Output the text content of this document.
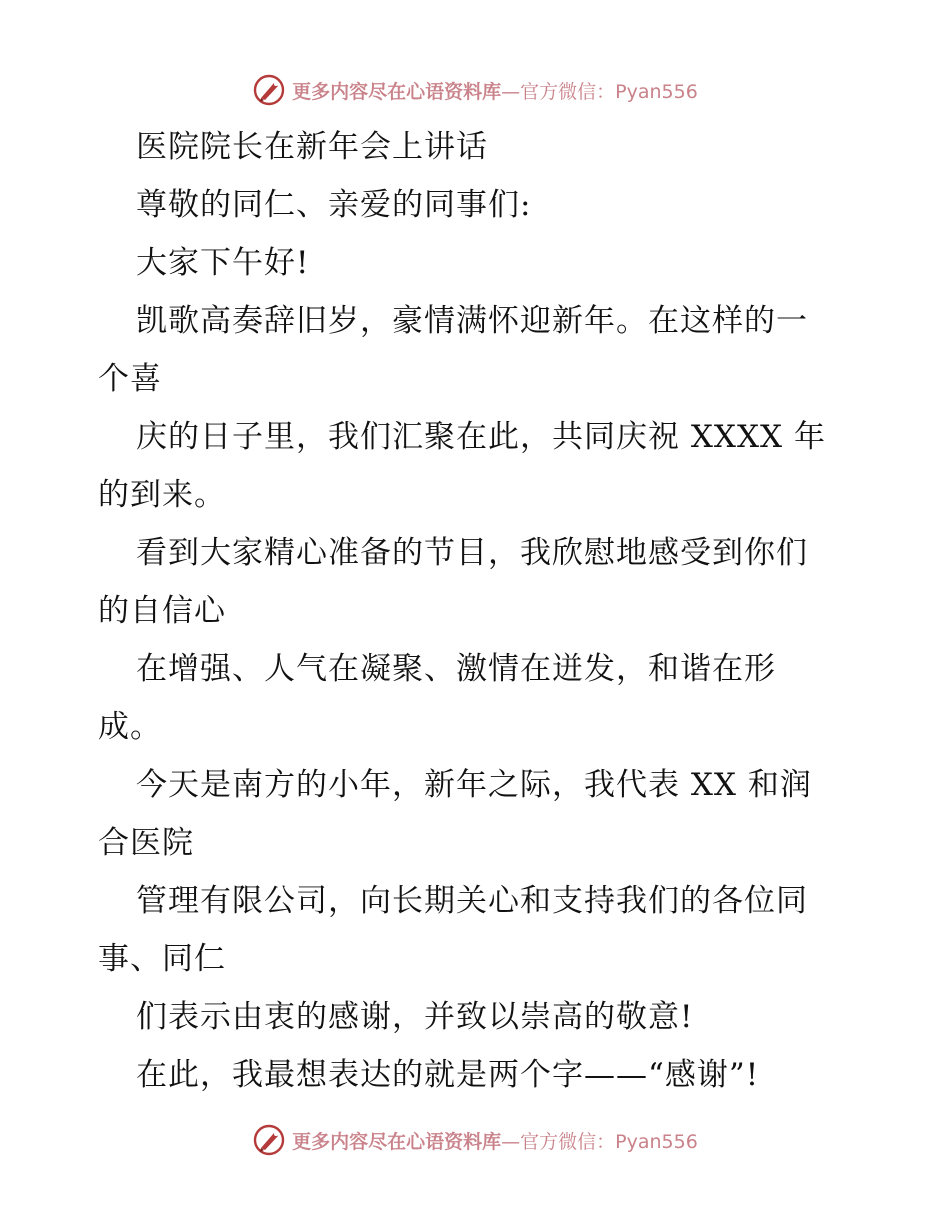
更多内容尽在心语资料库—官方微信：Pyan556
医院院长在新年会上讲话
尊敬的同仁、亲爱的同事们:
大家下午好!
凯歌高奏辞旧岁，豪情满怀迎新年。在这样的一
个喜
庆的日子里，我们汇聚在此，共同庆祝 XXXX 年
的到来。
看到大家精心准备的节目，我欣慰地感受到你们
的自信心
在增强、人气在凝聚、激情在迸发，和谐在形
成。
今天是南方的小年，新年之际，我代表 XX 和润
合医院
管理有限公司，向长期关心和支持我们的各位同
事、同仁
们表示由衷的感谢，并致以崇高的敬意!
在此，我最想表达的就是两个字——“感谢”!
更多内容尽在心语资料库—官方微信：Pyan556
